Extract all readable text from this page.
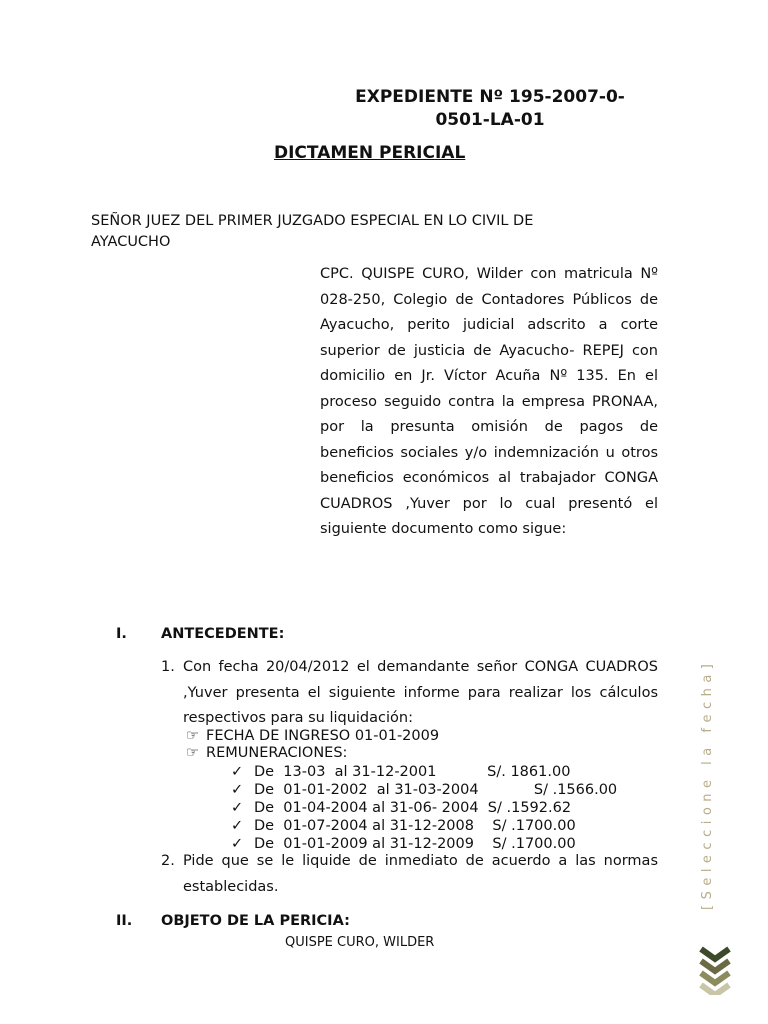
EXPEDIENTE Nº 195-2007-0-0501-LA-01
DICTAMEN PERICIAL
SEÑOR JUEZ DEL PRIMER JUZGADO ESPECIAL EN LO CIVIL DE AYACUCHO
CPC. QUISPE CURO, Wilder con matricula Nº 028-250, Colegio de Contadores Públicos de Ayacucho, perito judicial adscrito a corte superior de justicia de Ayacucho- REPEJ con domicilio en Jr. Víctor Acuña Nº 135. En el proceso seguido contra la empresa PRONAA, por la presunta omisión de pagos de beneficios sociales y/o indemnización u otros beneficios económicos al trabajador CONGA CUADROS ,Yuver por lo cual presentó el siguiente documento como sigue:
I. ANTECEDENTE:
1. Con fecha 20/04/2012 el demandante señor CONGA CUADROS ,Yuver presenta el siguiente informe para realizar los cálculos respectivos para su liquidación:
☞ FECHA DE INGRESO 01-01-2009
☞ REMUNERACIONES:
✓ De  13-03  al 31-12-2001           S/. 1861.00
✓ De  01-01-2002  al 31-03-2004            S/ .1566.00
✓ De  01-04-2004 al 31-06- 2004  S/ .1592.62
✓ De  01-07-2004 al 31-12-2008    S/ .1700.00
✓ De  01-01-2009 al 31-12-2009    S/ .1700.00
2. Pide que se le liquide de inmediato de acuerdo a las normas establecidas.
II. OBJETO DE LA PERICIA:
QUISPE CURO, WILDER
[Seleccione la fecha]
